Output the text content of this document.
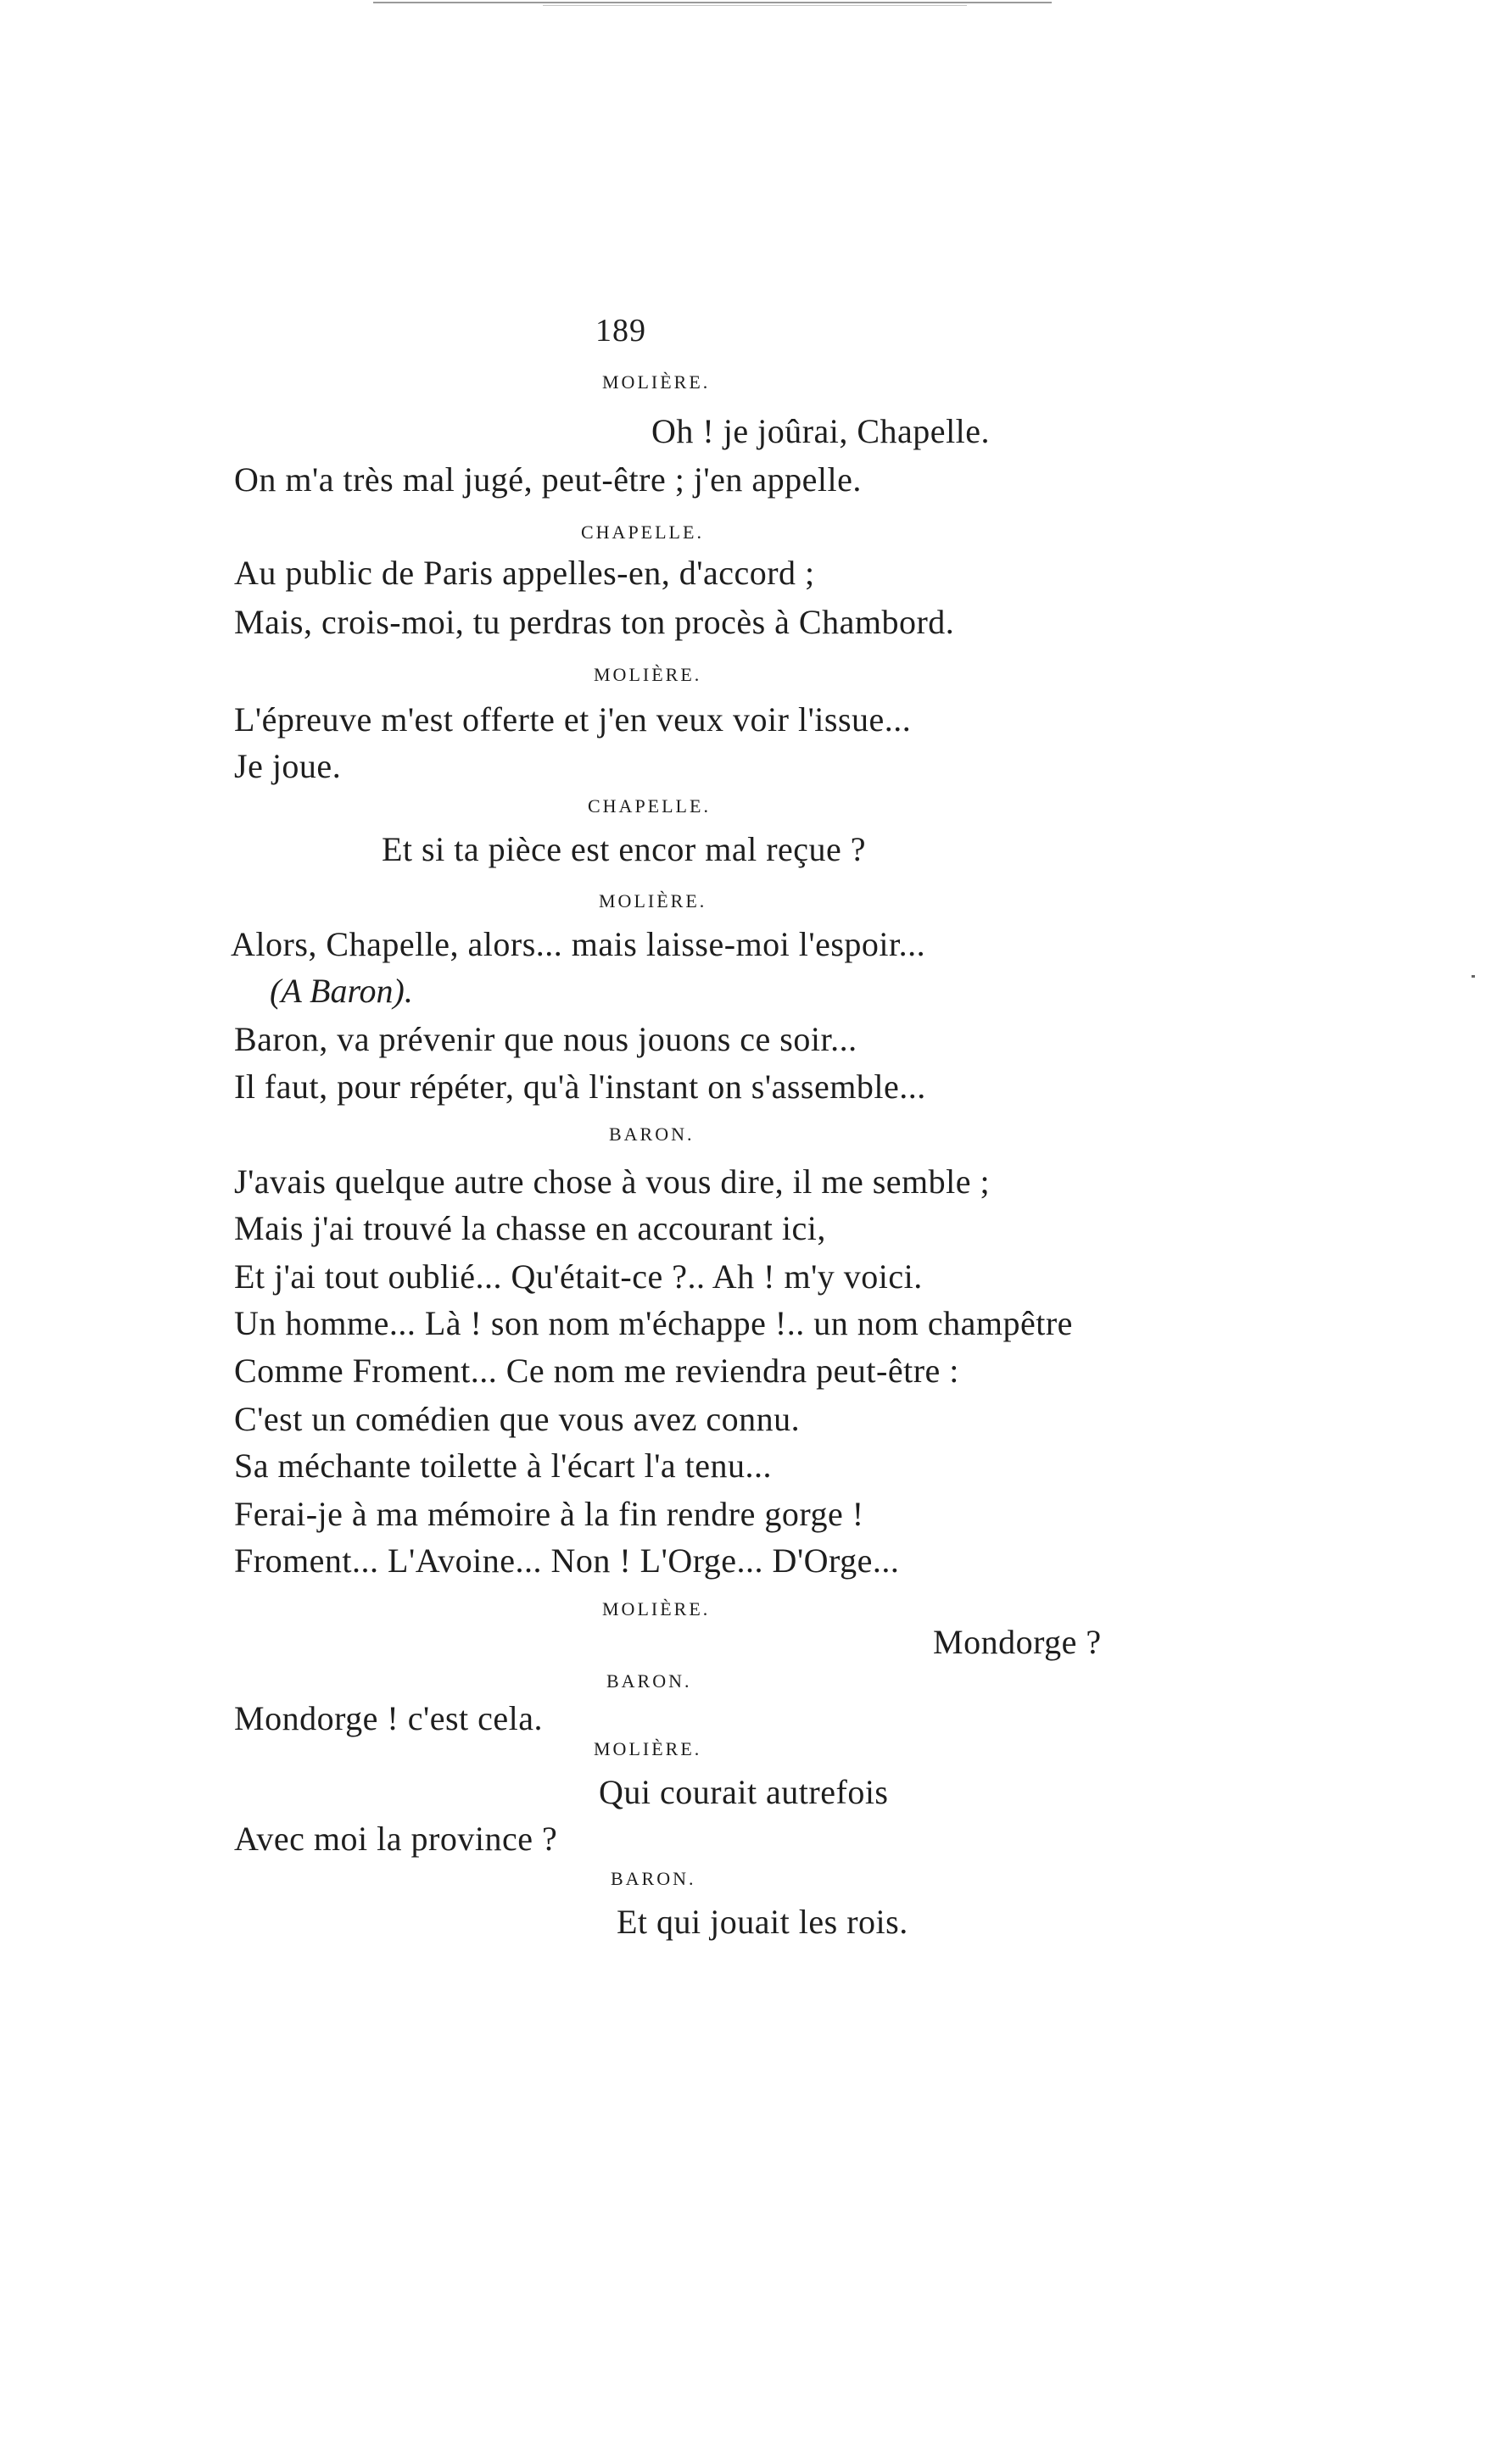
189
MOLIÈRE.
Oh ! je joûrai, Chapelle.
On m'a très mal jugé, peut-être ; j'en appelle.
CHAPELLE.
Au public de Paris appelles-en, d'accord ;
Mais, crois-moi, tu perdras ton procès à Chambord.
MOLIÈRE.
L'épreuve m'est offerte et j'en veux voir l'issue...
Je joue.
CHAPELLE.
Et si ta pièce est encor mal reçue ?
MOLIÈRE.
Alors, Chapelle, alors... mais laisse-moi l'espoir...
(A Baron).
Baron, va prévenir que nous jouons ce soir...
Il faut, pour répéter, qu'à l'instant on s'assemble...
BARON.
J'avais quelque autre chose à vous dire, il me semble ;
Mais j'ai trouvé la chasse en accourant ici,
Et j'ai tout oublié... Qu'était-ce ?.. Ah ! m'y voici.
Un homme... Là ! son nom m'échappe !.. un nom champêtre
Comme Froment... Ce nom me reviendra peut-être :
C'est un comédien que vous avez connu.
Sa méchante toilette à l'écart l'a tenu...
Ferai-je à ma mémoire à la fin rendre gorge !
Froment... L'Avoine... Non ! L'Orge... D'Orge...
MOLIÈRE.
Mondorge ?
BARON.
Mondorge ! c'est cela.
MOLIÈRE.
Qui courait autrefois
Avec moi la province ?
BARON.
Et qui jouait les rois.
